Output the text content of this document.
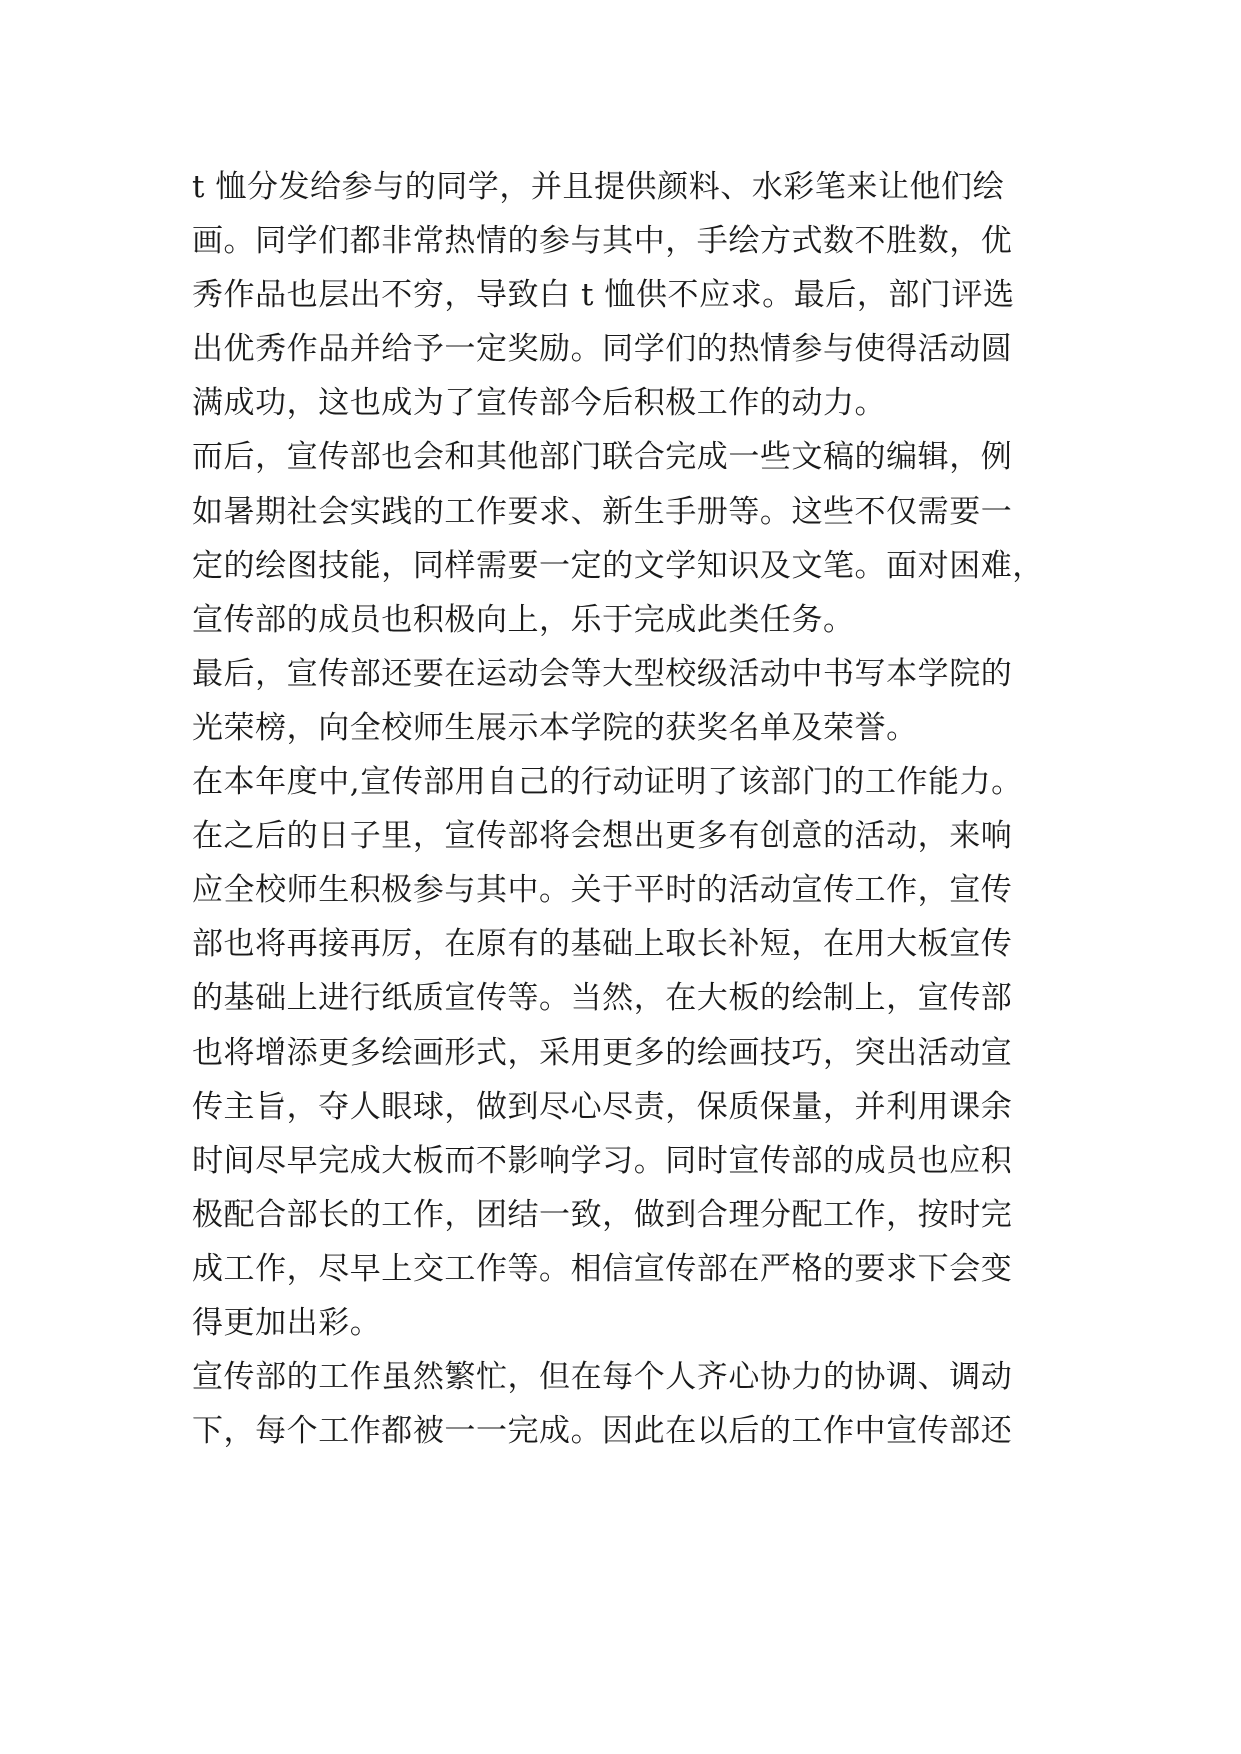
t 恤分发给参与的同学，并且提供颜料、水彩笔来让他们绘
画。同学们都非常热情的参与其中，手绘方式数不胜数，优
秀作品也层出不穷，导致白 t 恤供不应求。最后，部门评选
出优秀作品并给予一定奖励。同学们的热情参与使得活动圆
满成功，这也成为了宣传部今后积极工作的动力。
而后，宣传部也会和其他部门联合完成一些文稿的编辑，例
如暑期社会实践的工作要求、新生手册等。这些不仅需要一
定的绘图技能，同样需要一定的文学知识及文笔。面对困难，
宣传部的成员也积极向上，乐于完成此类任务。
最后，宣传部还要在运动会等大型校级活动中书写本学院的
光荣榜，向全校师生展示本学院的获奖名单及荣誉。
在本年度中,宣传部用自己的行动证明了该部门的工作能力。
在之后的日子里，宣传部将会想出更多有创意的活动，来响
应全校师生积极参与其中。关于平时的活动宣传工作，宣传
部也将再接再厉，在原有的基础上取长补短，在用大板宣传
的基础上进行纸质宣传等。当然，在大板的绘制上，宣传部
也将增添更多绘画形式，采用更多的绘画技巧，突出活动宣
传主旨，夺人眼球，做到尽心尽责，保质保量，并利用课余
时间尽早完成大板而不影响学习。同时宣传部的成员也应积
极配合部长的工作，团结一致，做到合理分配工作，按时完
成工作，尽早上交工作等。相信宣传部在严格的要求下会变
得更加出彩。
宣传部的工作虽然繁忙，但在每个人齐心协力的协调、调动
下，每个工作都被一一完成。因此在以后的工作中宣传部还
